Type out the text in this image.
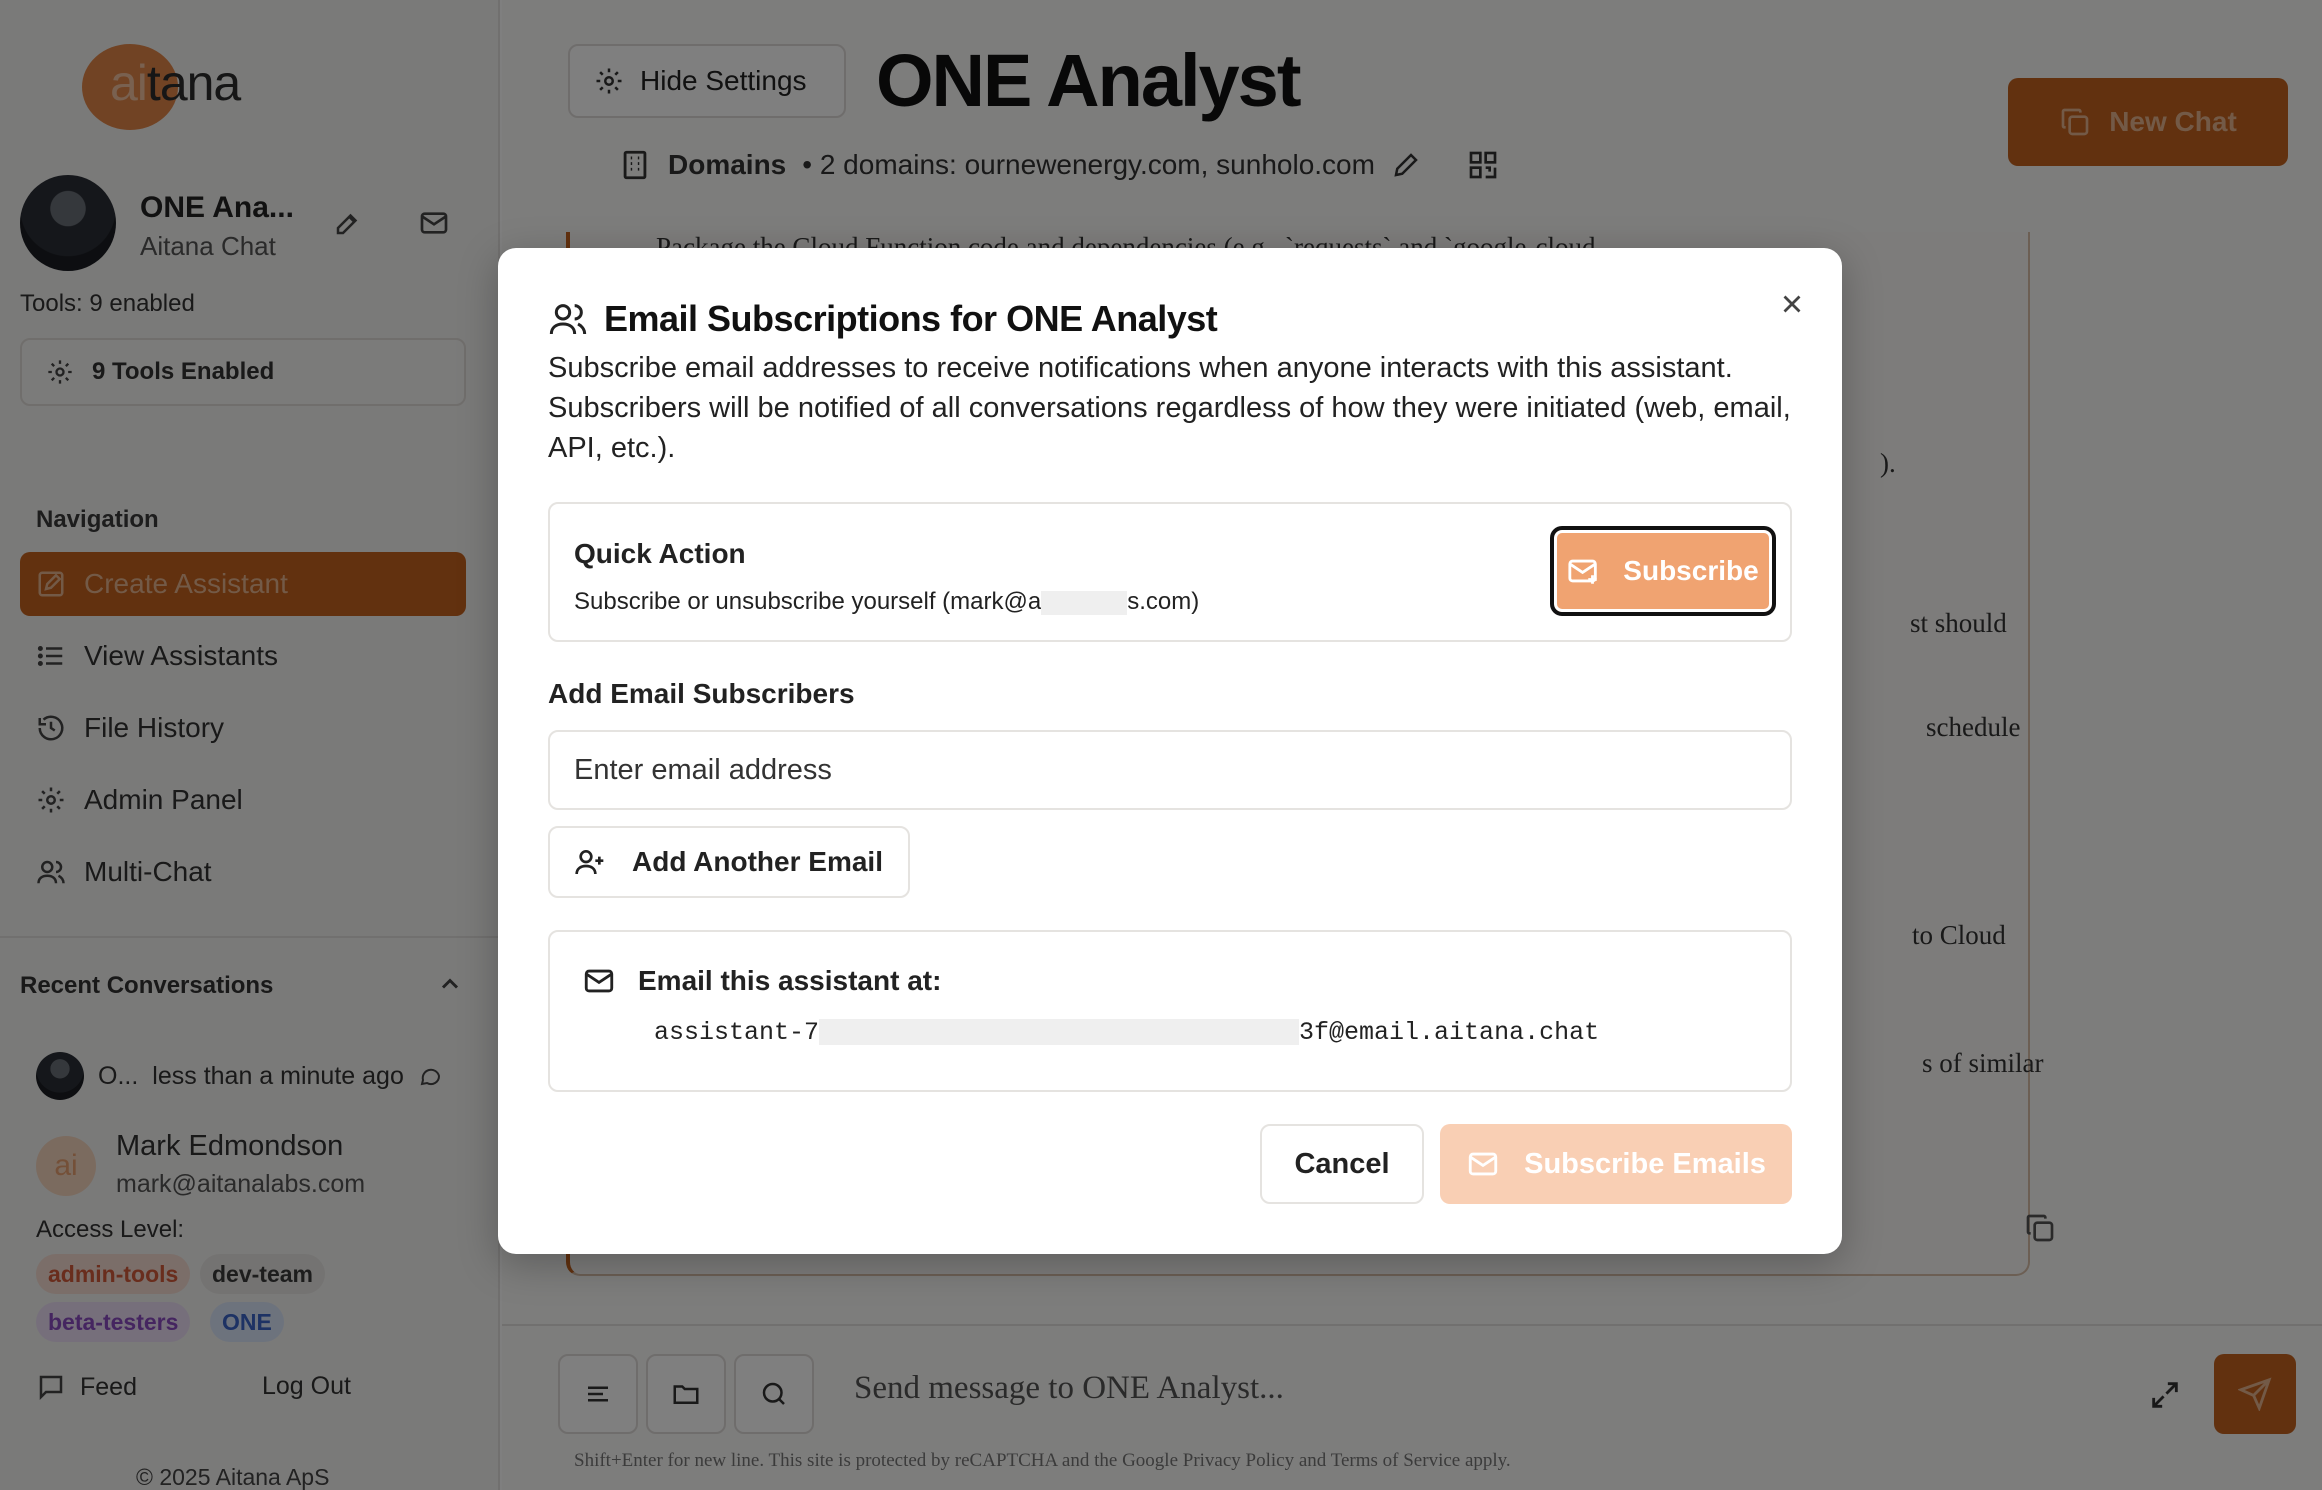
Email Subscriptions for ONE Analyst
Subscribe email addresses to receive notifications when anyone interacts with this assistant. Subscribers will be notified of all conversations regardless of how they were initiated (web, email, API, etc.).
Quick Action
Subscribe or unsubscribe yourself (mark@a	s.com)
Subscribe
Add Email Subscribers
Enter email address
Add Another Email
Email this assistant at:
assistant-7	3f@email.aitana.chat
Cancel	Subscribe Emails
